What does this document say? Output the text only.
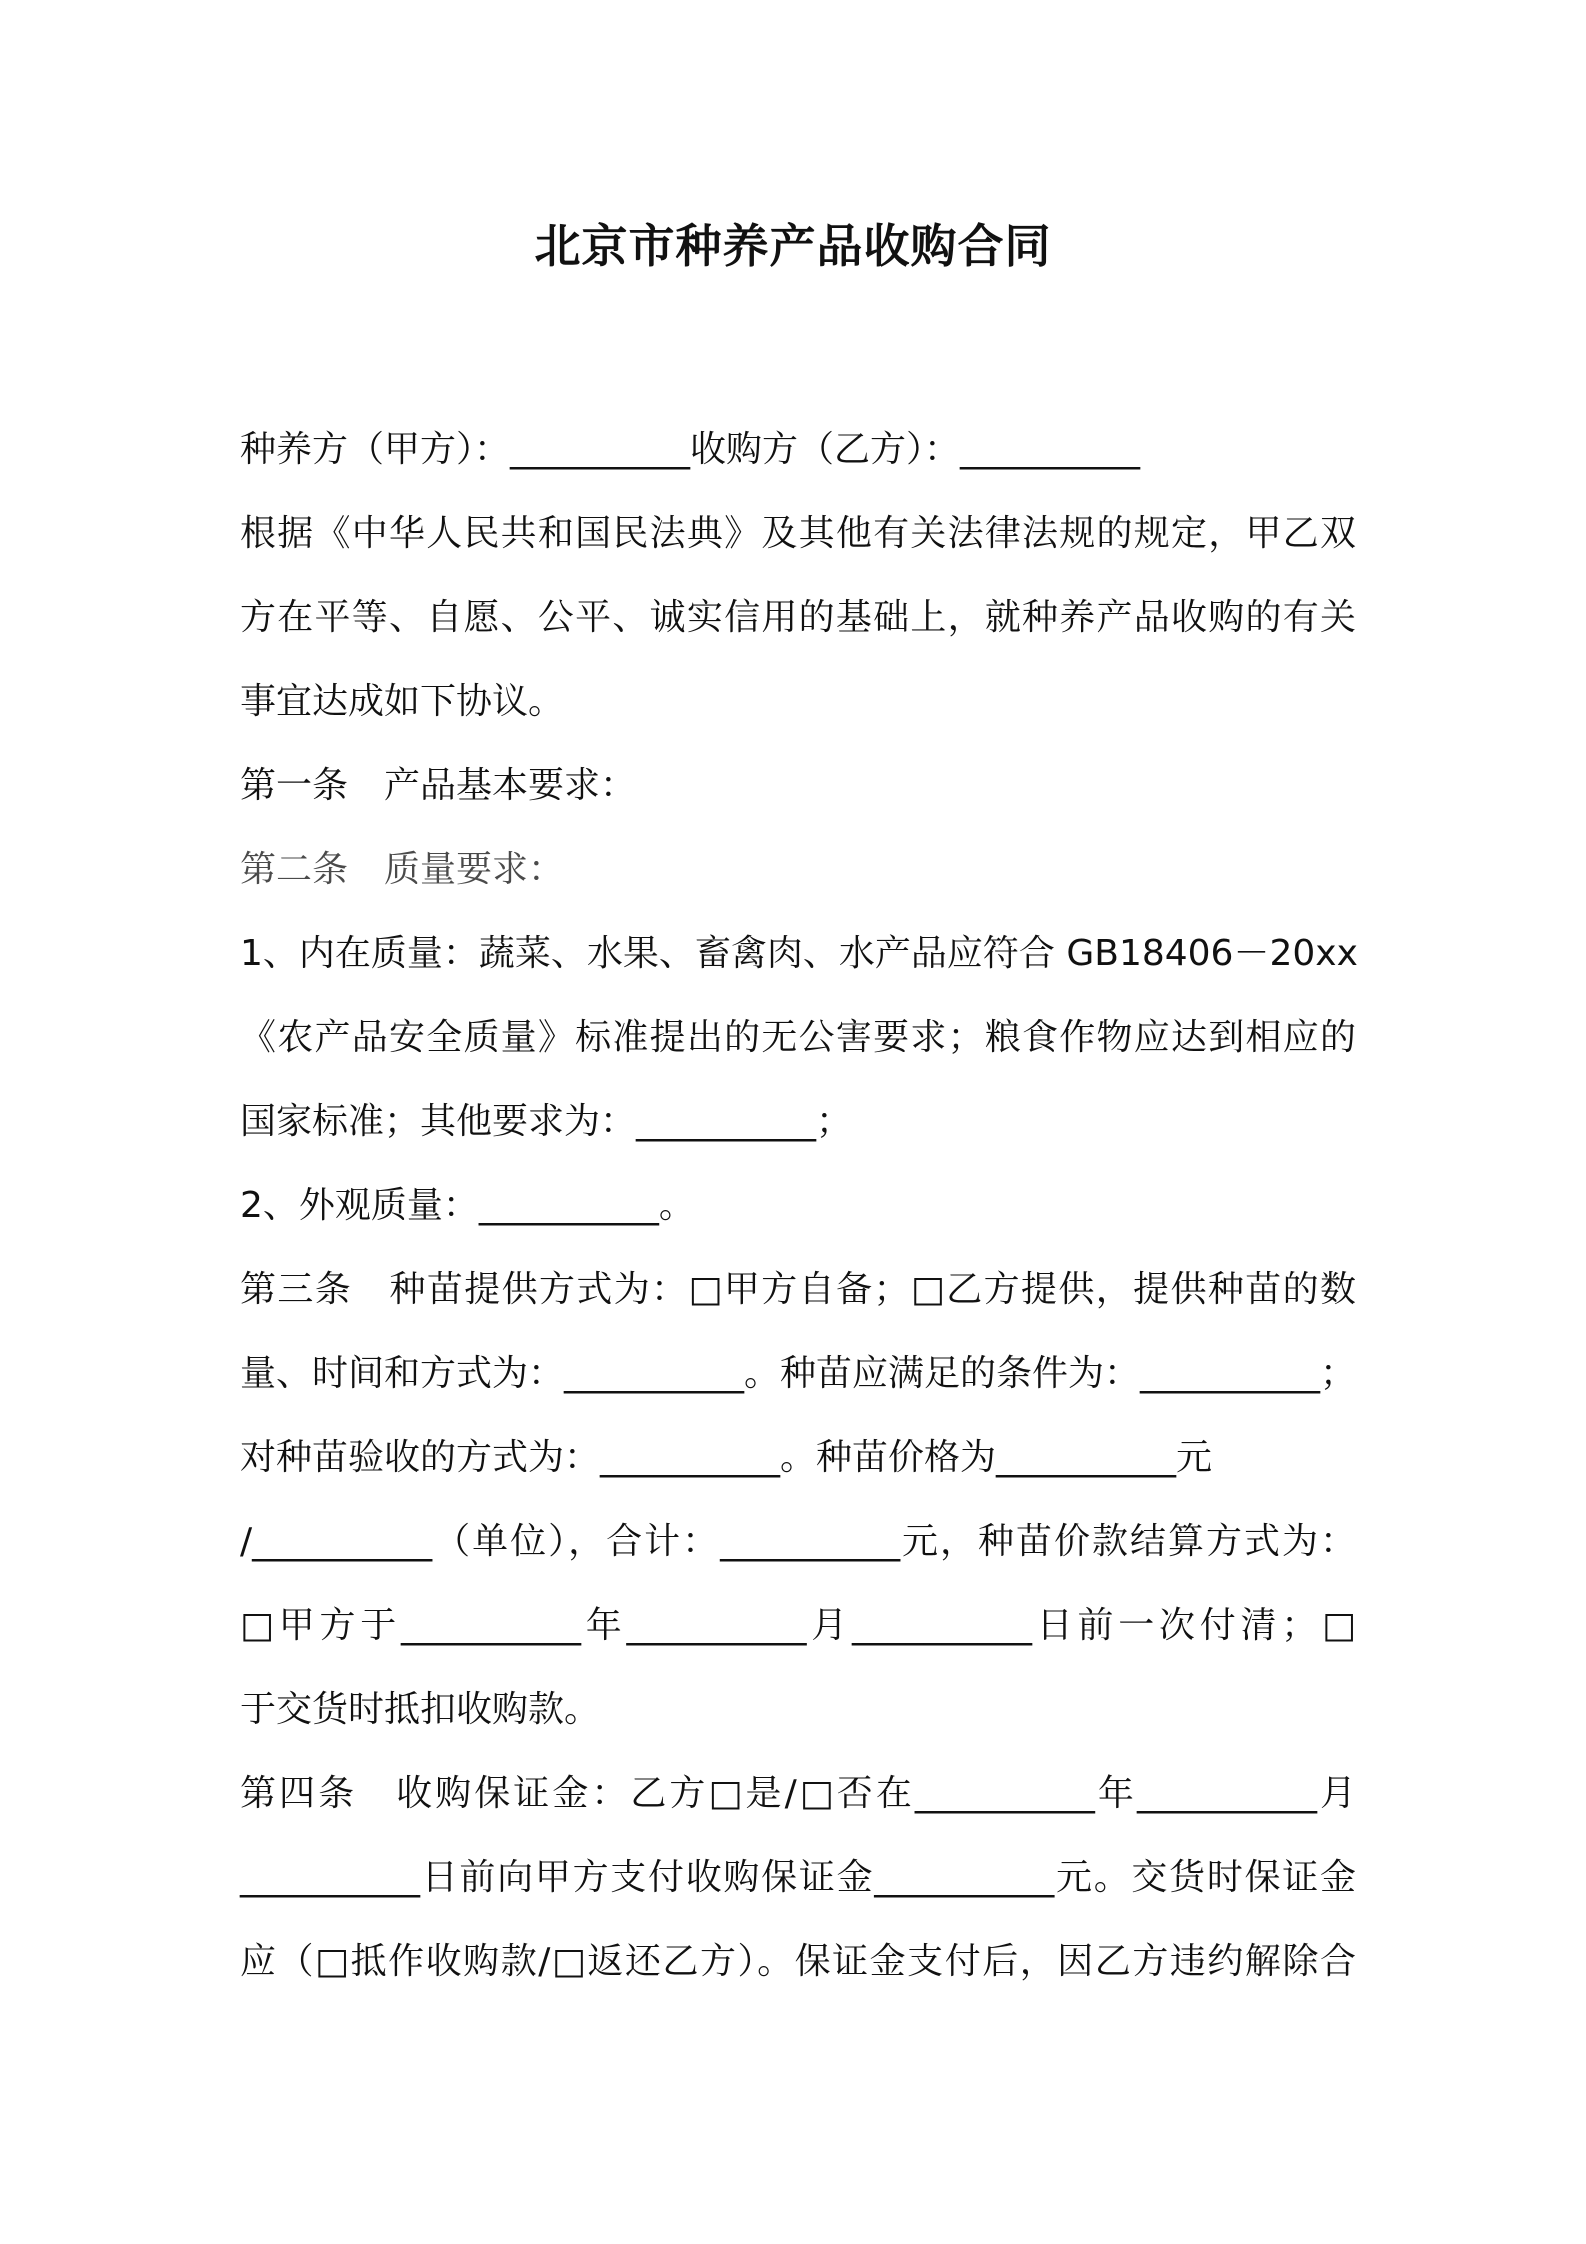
北京市种养产品收购合同
种养方（甲方）：__________收购方（乙方）：__________
根据《中华人民共和国民法典》及其他有关法律法规的规定，甲乙双
方在平等、自愿、公平、诚实信用的基础上，就种养产品收购的有关
事宜达成如下协议。
第一条　产品基本要求：
第二条　质量要求：
1、内在质量：蔬菜、水果、畜禽肉、水产品应符合 GB18406－20xx
《农产品安全质量》标准提出的无公害要求；粮食作物应达到相应的
国家标准；其他要求为：__________；
2、外观质量：__________。
第三条　种苗提供方式为：□甲方自备；□乙方提供，提供种苗的数
量、时间和方式为：__________。种苗应满足的条件为：__________；
对种苗验收的方式为：__________。种苗价格为__________元
/__________（单位），合计：__________元，种苗价款结算方式为：
□甲方于__________年__________月__________日前一次付清；□
于交货时抵扣收购款。
第四条　收购保证金：乙方□是/□否在__________年__________月
__________日前向甲方支付收购保证金__________元。交货时保证金
应（□抵作收购款/□返还乙方）。保证金支付后，因乙方违约解除合
